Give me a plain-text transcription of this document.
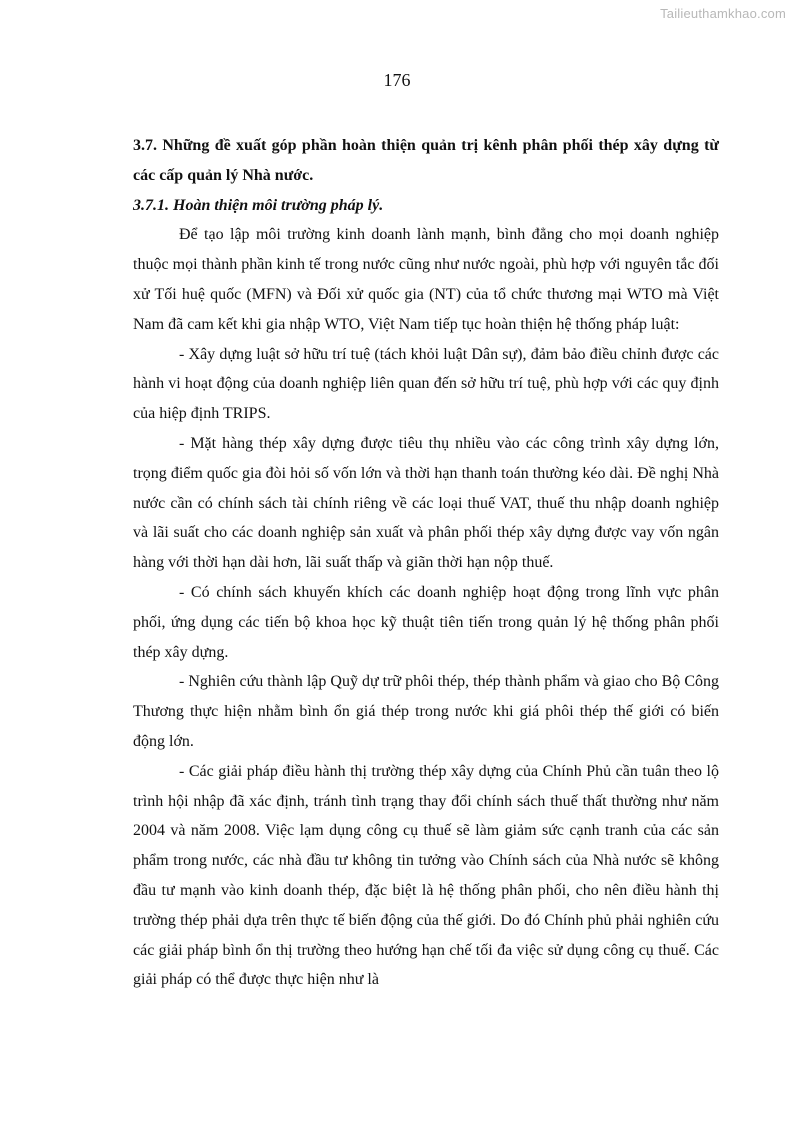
Tailieuthamkhao.com
176

3.7. Những đề xuất góp phần hoàn thiện quản trị kênh phân phối thép xây dựng từ các cấp quản lý Nhà nước.

3.7.1. Hoàn thiện môi trường pháp lý.

Để tạo lập môi trường kinh doanh lành mạnh, bình đẳng cho mọi doanh nghiệp thuộc mọi thành phần kinh tế trong nước cũng như nước ngoài, phù hợp với nguyên tắc đối xử Tối huệ quốc (MFN) và Đối xử quốc gia (NT) của tổ chức thương mại WTO mà Việt Nam đã cam kết khi gia nhập WTO, Việt Nam tiếp tục hoàn thiện hệ thống pháp luật:

- Xây dựng luật sở hữu trí tuệ (tách khỏi luật Dân sự), đảm bảo điều chỉnh được các hành vi hoạt động của doanh nghiệp liên quan đến sở hữu trí tuệ, phù hợp với các quy định của hiệp định TRIPS.

- Mặt hàng thép xây dựng được tiêu thụ nhiều vào các công trình xây dựng lớn, trọng điểm quốc gia đòi hỏi số vốn lớn và thời hạn thanh toán thường kéo dài. Đề nghị Nhà nước cần có chính sách tài chính riêng về các loại thuế VAT, thuế thu nhập doanh nghiệp và lãi suất cho các doanh nghiệp sản xuất và phân phối thép xây dựng được vay vốn ngân hàng với thời hạn dài hơn, lãi suất thấp và giãn thời hạn nộp thuế.

- Có chính sách khuyến khích các doanh nghiệp hoạt động trong lĩnh vực phân phối, ứng dụng các tiến bộ khoa học kỹ thuật tiên tiến trong quản lý hệ thống phân phối thép xây dựng.

- Nghiên cứu thành lập Quỹ dự trữ phôi thép, thép thành phẩm và giao cho Bộ Công Thương thực hiện nhằm bình ổn giá thép trong nước khi giá phôi thép thế giới có biến động lớn.

- Các giải pháp điều hành thị trường thép xây dựng của Chính Phủ cần tuân theo lộ trình hội nhập đã xác định, tránh tình trạng thay đổi chính sách thuế thất thường như năm 2004 và năm 2008. Việc lạm dụng công cụ thuế sẽ làm giảm sức cạnh tranh của các sản phẩm trong nước, các nhà đầu tư không tin tưởng vào Chính sách của Nhà nước sẽ không đầu tư mạnh vào kinh doanh thép, đặc biệt là hệ thống phân phối, cho nên điều hành thị trường thép phải dựa trên thực tế biến động của thế giới. Do đó Chính phủ phải nghiên cứu các giải pháp bình ổn thị trường theo hướng hạn chế tối đa việc sử dụng công cụ thuế. Các giải pháp có thể được thực hiện như là
